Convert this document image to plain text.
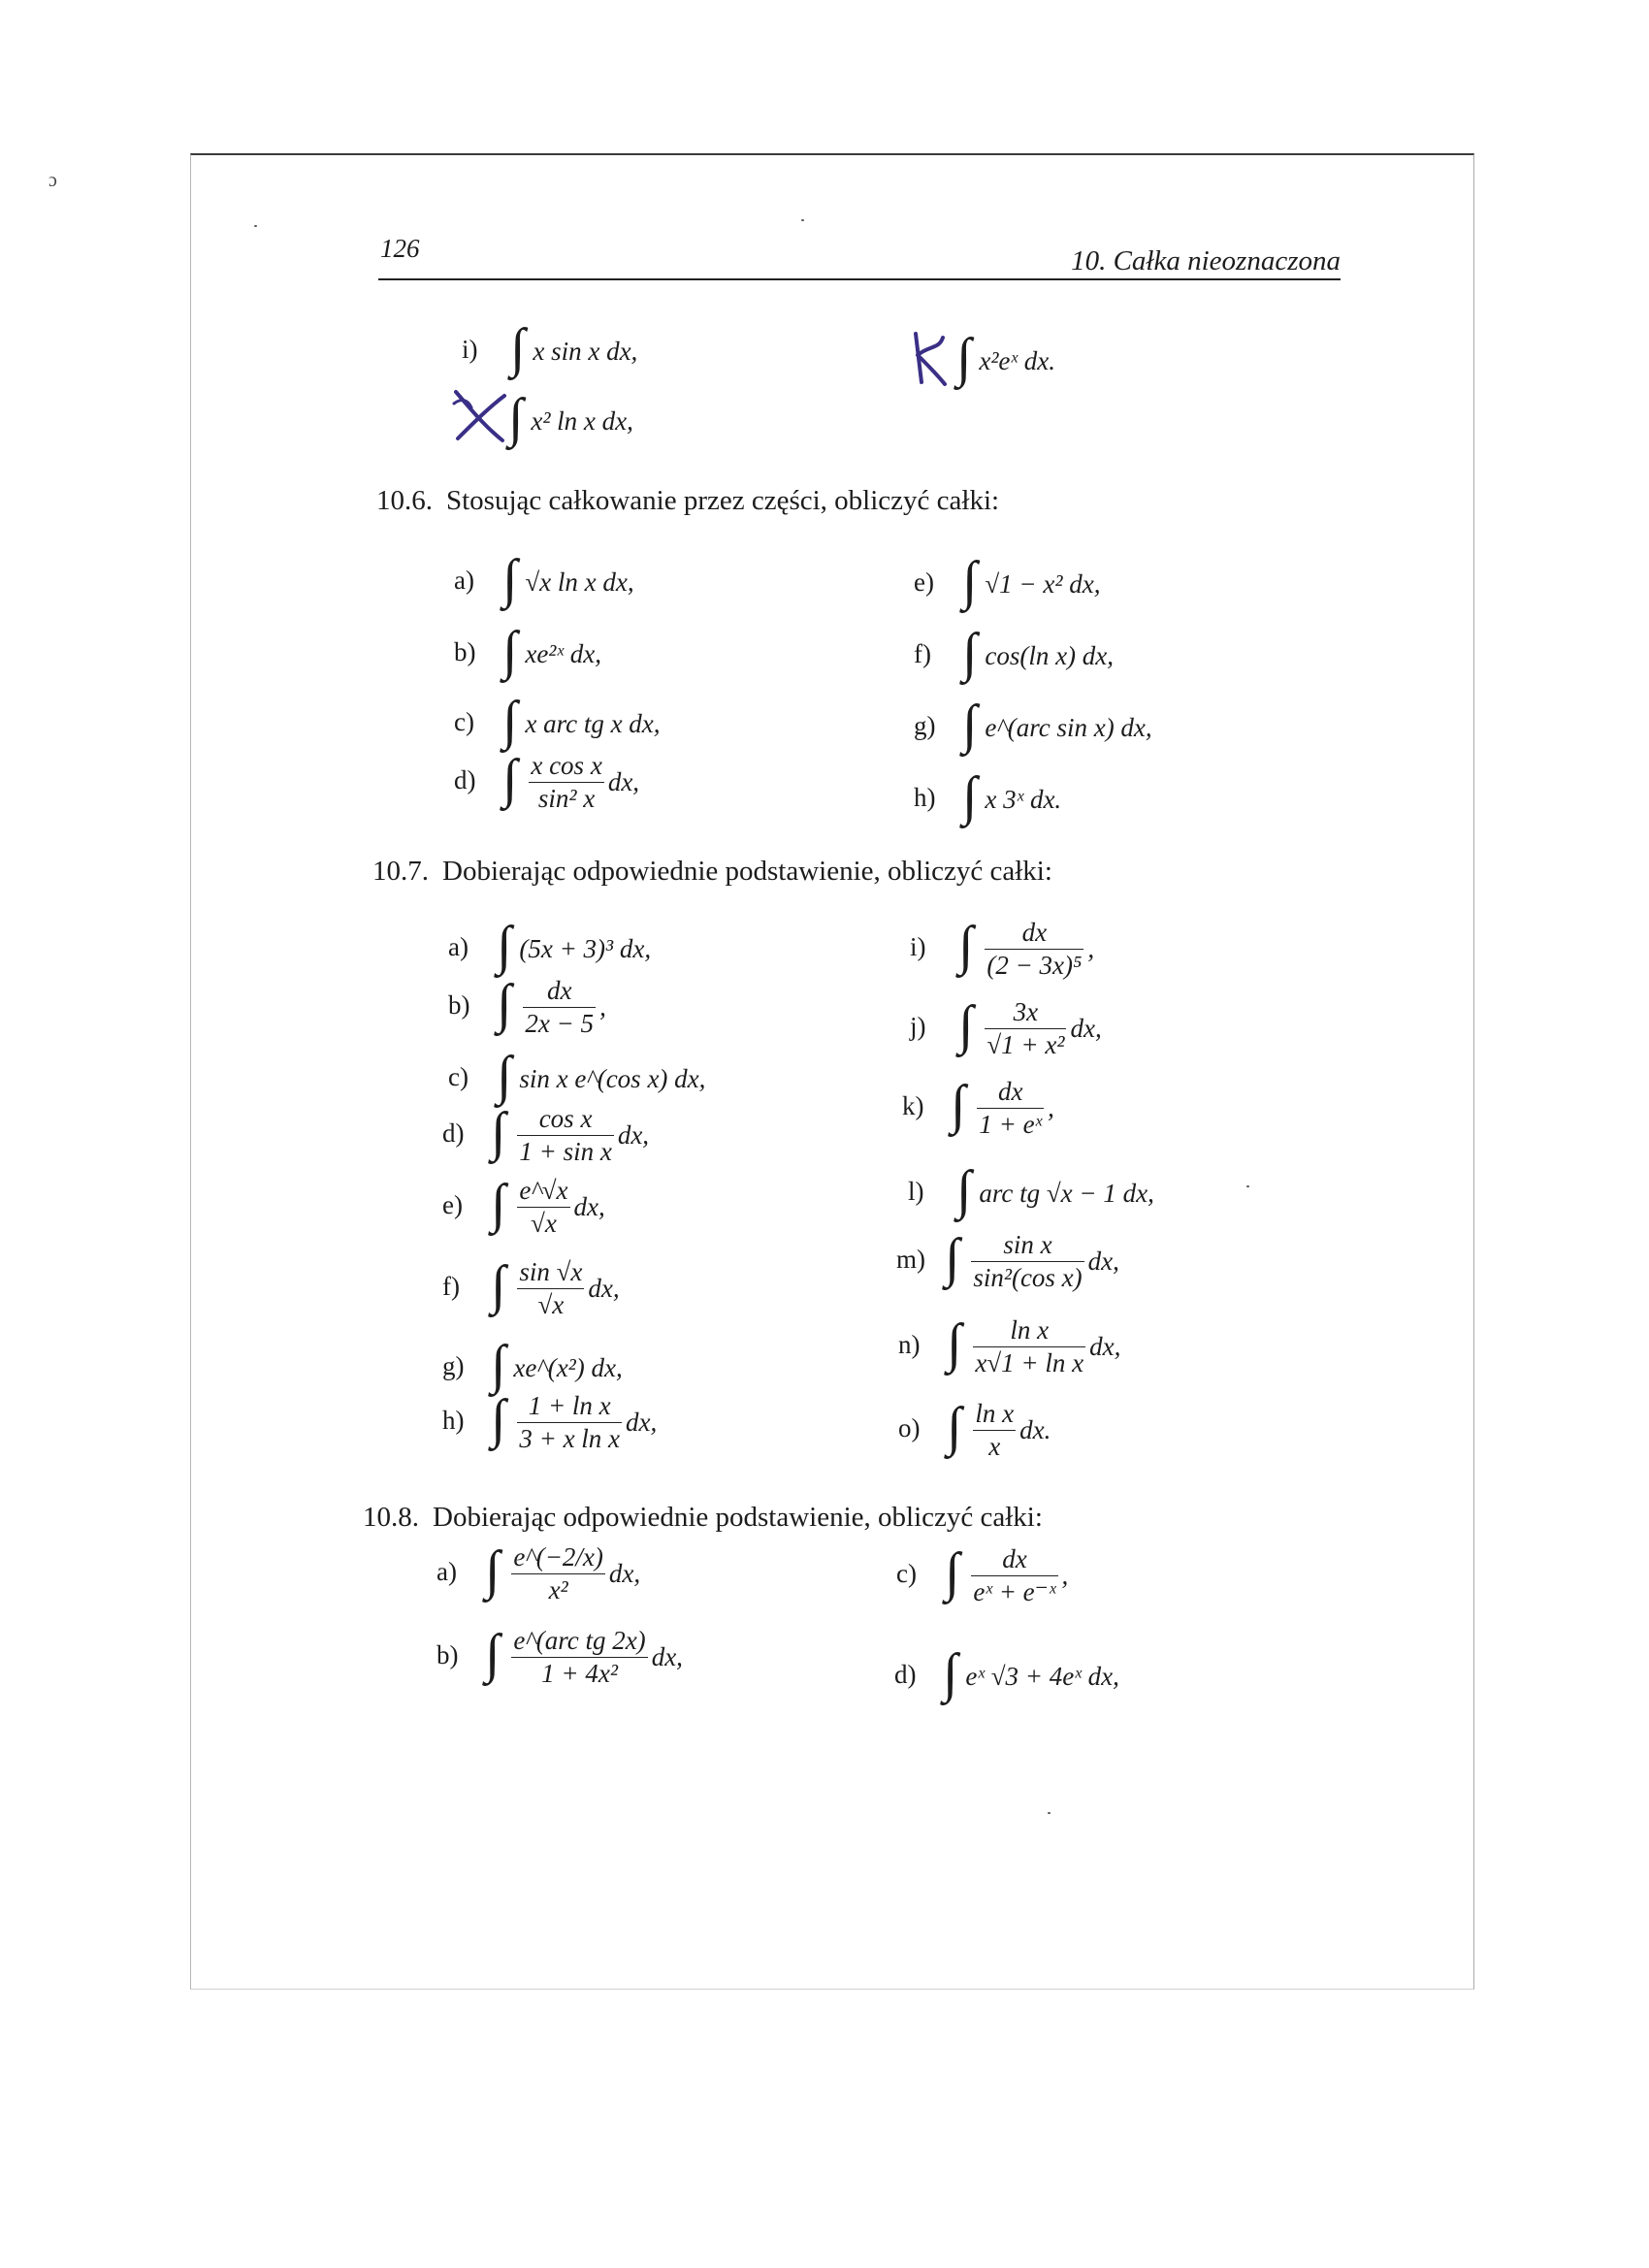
ɔ
126	10. Całka nieoznaczona
i) ∫ x sin x dx,
∫ x² ln x dx,
∫ x²eˣ dx.
10.6. Stosując całkowanie przez części, obliczyć całki:
a) ∫ √x ln x dx,
b) ∫ xe²ˣ dx,
c) ∫ x arc tg x dx,
d) ∫ $\frac{\text{x cos x}}{\text{sin² x}}$ dx,
e) ∫ √1 − x² dx,
f) ∫ cos(ln x) dx,
g) ∫ e^(arc sin x) dx,
h) ∫ x 3ˣ dx.
10.7. Dobierając odpowiednie podstawienie, obliczyć całki:
a) ∫ (5x + 3)³ dx,
b) ∫ $\frac{dx}{2x - 5}$ ,
c) ∫ sin x e^(cos x) dx,
d) ∫ $\frac{\text{cos x}}{\text{1 + sin x}}$ dx,
e) ∫ $\frac{e\^{}√x}{√x}$ dx,
f) ∫ $\frac{\sin √x}{√x}$ dx,
g) ∫ xe^(x²) dx,
h) ∫ $\frac{\text{1 + ln x}}{\text{3 + x ln x}}$ dx,
i) ∫ $\frac{dx}{\text{(2 − 3x)⁵}}$ ,
j) ∫ $\frac{3x}{\text{√1 + x²}}$ dx,
k) ∫ $\frac{dx}{\text{1 + eˣ}}$ ,
l) ∫ arc tg √x − 1 dx,
m) ∫ $\frac{\text{sin x}}{\text{sin²(cos x)}}$ dx,
n) ∫ $\frac{\text{ln x}}{\text{x√1 + ln x}}$ dx,
o) ∫ $\frac{\text{ln x}}{x}$ dx.
10.8. Dobierając odpowiednie podstawienie, obliczyć całki:
a) ∫ $\frac{e\^{}(-2/x)}{\text{x²}}$ dx,
b) ∫ $\frac{\text{e\textasciicircum{}(arc tg 2x)}}{\text{1 + 4x²}}$ dx,
c) ∫ $\frac{dx}{\text{eˣ + e⁻ˣ}}$ ,
d) ∫ eˣ √3 + 4eˣ dx,
